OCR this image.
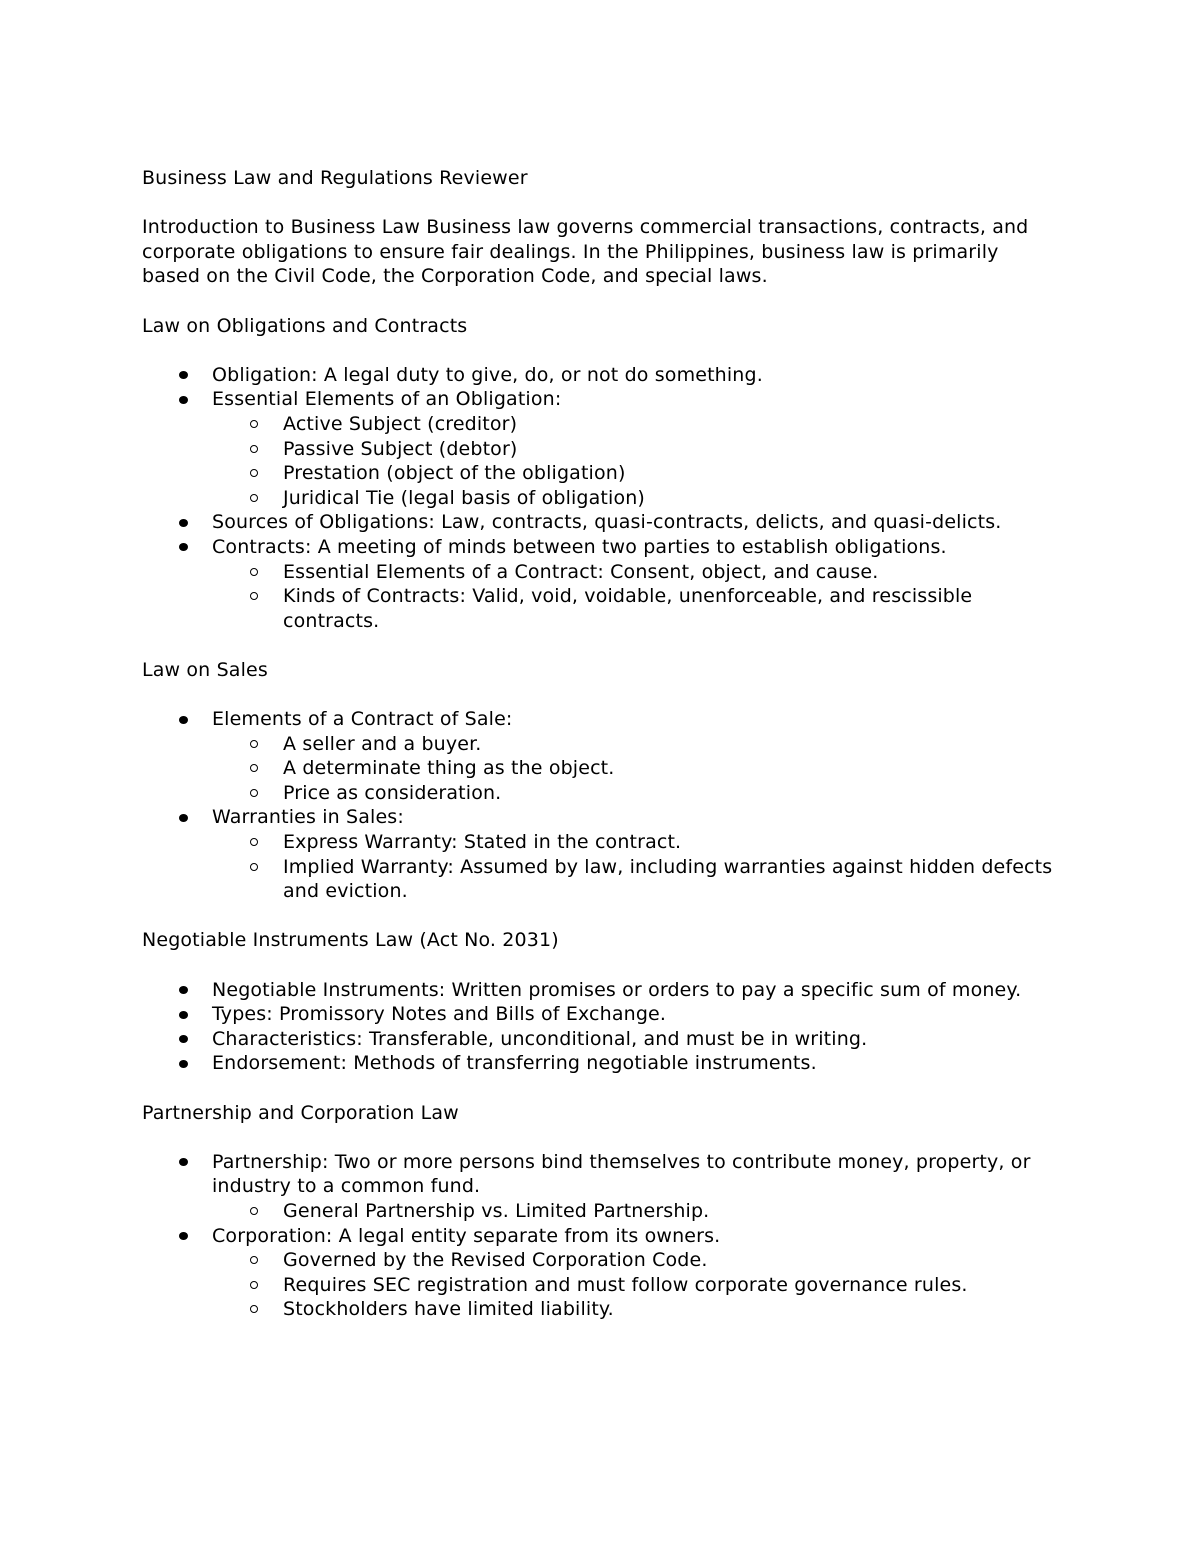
Business Law and Regulations Reviewer

Introduction to Business Law Business law governs commercial transactions, contracts, and corporate obligations to ensure fair dealings. In the Philippines, business law is primarily based on the Civil Code, the Corporation Code, and special laws.

Law on Obligations and Contracts

Obligation: A legal duty to give, do, or not do something.
Essential Elements of an Obligation:
Active Subject (creditor)
Passive Subject (debtor)
Prestation (object of the obligation)
Juridical Tie (legal basis of obligation)
Sources of Obligations: Law, contracts, quasi-contracts, delicts, and quasi-delicts.
Contracts: A meeting of minds between two parties to establish obligations.
Essential Elements of a Contract: Consent, object, and cause.
Kinds of Contracts: Valid, void, voidable, unenforceable, and rescissible contracts.

Law on Sales

Elements of a Contract of Sale:
A seller and a buyer.
A determinate thing as the object.
Price as consideration.
Warranties in Sales:
Express Warranty: Stated in the contract.
Implied Warranty: Assumed by law, including warranties against hidden defects and eviction.

Negotiable Instruments Law (Act No. 2031)

Negotiable Instruments: Written promises or orders to pay a specific sum of money.
Types: Promissory Notes and Bills of Exchange.
Characteristics: Transferable, unconditional, and must be in writing.
Endorsement: Methods of transferring negotiable instruments.

Partnership and Corporation Law

Partnership: Two or more persons bind themselves to contribute money, property, or industry to a common fund.
General Partnership vs. Limited Partnership.
Corporation: A legal entity separate from its owners.
Governed by the Revised Corporation Code.
Requires SEC registration and must follow corporate governance rules.
Stockholders have limited liability.
